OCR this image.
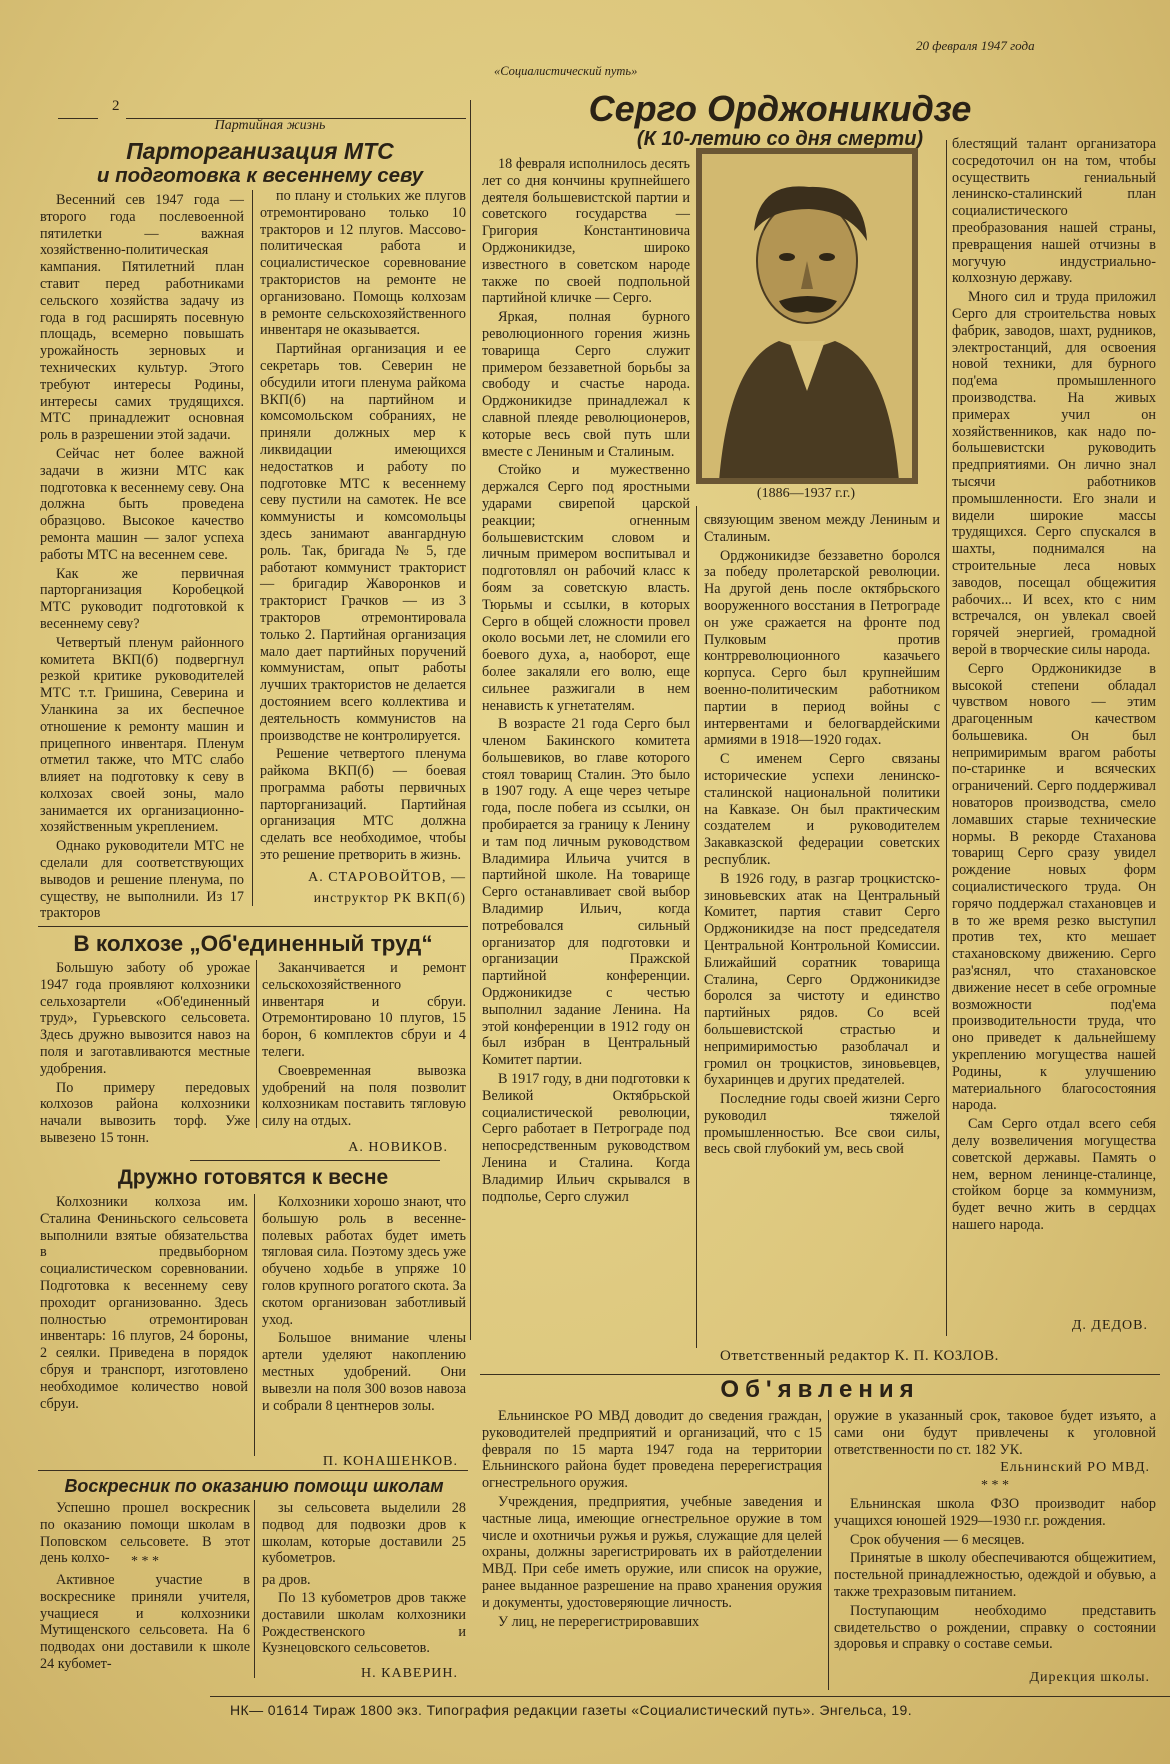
20 февраля 1947 года
«Социалистический путь»
2
Партийная жизнь
Парторганизация МТС
и подготовка к весеннему севу

Весенний сев 1947 года — второго года послевоенной пятилетки — важная хозяйственно-политическая кампания. Пятилетний план ставит перед работниками сельского хозяйства задачу из года в год расширять посевную площадь, всемерно повышать урожайность зерновых и технических культур. Этого требуют интересы Родины, интересы самих трудящихся. МТС принадлежит основная роль в разрешении этой задачи.

Сейчас нет более важной задачи в жизни МТС как подготовка к весеннему севу. Она должна быть проведена образцово. Высокое качество ремонта машин — залог успеха работы МТС на весеннем севе.

Как же первичная парторганизация Коробецкой МТС руководит подготовкой к весеннему севу?

Четвертый пленум районного комитета ВКП(б) подвергнул резкой критике руководителей МТС т.т. Гришина, Северина и Уланкина за их беспечное отношение к ремонту машин и прицепного инвентаря. Пленум отметил также, что МТС слабо влияет на подготовку к севу в колхозах своей зоны, мало занимается их организационно-хозяйственным укреплением.

Однако руководители МТС не сделали для соответствующих выводов и решение пленума, по существу, не выполнили. Из 17 тракторов

по плану и стольких же плугов отремонтировано только 10 тракторов и 12 плугов. Массово-политическая работа и социалистическое соревнование трактористов на ремонте не организовано. Помощь колхозам в ремонте сельскохозяйственного инвентаря не оказывается.

Партийная организация и ее секретарь тов. Северин не обсудили итоги пленума райкома ВКП(б) на партийном и комсомольском собраниях, не приняли должных мер к ликвидации имеющихся недостатков и работу по подготовке МТС к весеннему севу пустили на самотек. Не все коммунисты и комсомольцы здесь занимают авангардную роль. Так, бригада № 5, где работают коммунист тракторист — бригадир Жаворонков и тракторист Грачков — из 3 тракторов отремонтировала только 2. Партийная организация мало дает партийных поручений коммунистам, опыт работы лучших трактористов не делается достоянием всего коллектива и деятельность коммунистов на производстве не контролируется.

Решение четвертого пленума райкома ВКП(б) — боевая программа работы первичных парторганизаций. Партийная организация МТС должна сделать все необходимое, чтобы это решение претворить в жизнь.

А. СТАРОВОЙТОВ, —
инструктор РК ВКП(б)
В колхозе „Об'единенный труд“

Большую заботу об урожае 1947 года проявляют колхозники сельхозартели «Об'единенный труд», Гурьевского сельсовета. Здесь дружно вывозится навоз на поля и заготавливаются местные удобрения.

По примеру передовых колхозов района колхозники начали вывозить торф. Уже вывезено 15 тонн.

Заканчивается и ремонт сельскохозяйственного инвентаря и сбруи. Отремонтировано 10 плугов, 15 борон, 6 комплектов сбруи и 4 телеги.

Своевременная вывозка удобрений на поля позволит колхозникам поставить тягловую силу на отдых.

А. НОВИКОВ.
Дружно готовятся к весне

Колхозники колхоза им. Сталина Фениньского сельсовета выполнили взятые обязательства в предвыборном социалистическом соревновании. Подготовка к весеннему севу проходит организованно. Здесь полностью отремонтирован инвентарь: 16 плугов, 24 бороны, 2 сеялки. Приведена в порядок сбруя и транспорт, изготовлено необходимое количество новой сбруи.

Колхозники хорошо знают, что большую роль в весенне-полевых работах будет иметь тягловая сила. Поэтому здесь уже обучено ходьбе в упряже 10 голов крупного рогатого скота. За скотом организован заботливый уход.

Большое внимание члены артели уделяют накоплению местных удобрений. Они вывезли на поля 300 возов навоза и собрали 8 центнеров золы.

П. КОНАШЕНКОВ.
Воскресник по оказанию помощи школам

Успешно прошел воскресник по оказанию помощи школам в Поповском сельсовете. В этот день колхо-	* * *

Активное участие в воскреснике приняли учителя, учащиеся и колхозники Мутищенского сельсовета. На 6 подводах они доставили к школе 24 кубомет-

зы сельсовета выделили 28 подвод для подвозки дров к школам, которые доставили 25 кубометров.

ра дров.

По 13 кубометров дров также доставили школам колхозники Рождественского и Кузнецовского сельсоветов.

Н. КАВЕРИН.
Серго Орджоникидзе
(К 10-летию со дня смерти)
(1886—1937 г.г.)

18 февраля исполнилось десять лет со дня кончины крупнейшего деятеля большевистской партии и советского государства — Григория Константиновича Орджоникидзе, широко известного в советском народе также по своей подпольной партийной кличке — Серго.

Яркая, полная бурного революционного горения жизнь товарища Серго служит примером беззаветной борьбы за свободу и счастье народа. Орджоникидзе принадлежал к славной плеяде революционеров, которые весь свой путь шли вместе с Лениным и Сталиным.

Стойко и мужественно держался Серго под яростными ударами свирепой царской реакции; огненным большевистским словом и личным примером воспитывал и подготовлял он рабочий класс к боям за советскую власть. Тюрьмы и ссылки, в которых Серго в общей сложности провел около восьми лет, не сломили его боевого духа, а, наоборот, еще более закаляли его волю, еще сильнее разжигали в нем ненависть к угнетателям.

В возрасте 21 года Серго был членом Бакинского комитета большевиков, во главе которого стоял товарищ Сталин. Это было в 1907 году. А еще через четыре года, после побега из ссылки, он пробирается за границу к Ленину и там под личным руководством Владимира Ильича учится в партийной школе. На товарище Серго останавливает свой выбор Владимир Ильич, когда потребовался сильный организатор для подготовки и организации Пражской партийной конференции. Орджоникидзе с честью выполнил задание Ленина. На этой конференции в 1912 году он был избран в Центральный Комитет партии.

В 1917 году, в дни подготовки к Великой Октябрьской социалистической революции, Серго работает в Петрограде под непосредственным руководством Ленина и Сталина. Когда Владимир Ильич скрывался в подполье, Серго служил

связующим звеном между Лениным и Сталиным.

Орджоникидзе беззаветно боролся за победу пролетарской революции. На другой день после октябрьского вооруженного восстания в Петрограде он уже сражается на фронте под Пулковым против контрреволюционного казачьего корпуса. Серго был крупнейшим военно-политическим работником партии в период войны с интервентами и белогвардейскими армиями в 1918—1920 годах.

С именем Серго связаны исторические успехи ленинско-сталинской национальной политики на Кавказе. Он был практическим создателем и руководителем Закавказской федерации советских республик.

В 1926 году, в разгар троцкистско-зиновьевских атак на Центральный Комитет, партия ставит Серго Орджоникидзе на пост председателя Центральной Контрольной Комиссии. Ближайший соратник товарища Сталина, Серго Орджоникидзе боролся за чистоту и единство партийных рядов. Со всей большевистской страстью и непримиримостью разоблачал и громил он троцкистов, зиновьевцев, бухаринцев и других предателей.

Последние годы своей жизни Серго руководил тяжелой промышленностью. Все свои силы, весь свой глубокий ум, весь свой

блестящий талант организатора сосредоточил он на том, чтобы осуществить гениальный ленинско-сталинский план социалистического преобразования нашей страны, превращения нашей отчизны в могучую индустриально-колхозную державу.

Много сил и труда приложил Серго для строительства новых фабрик, заводов, шахт, рудников, электростанций, для освоения новой техники, для бурного под'ема промышленного производства. На живых примерах учил он хозяйственников, как надо по-большевистски руководить предприятиями. Он лично знал тысячи работников промышленности. Его знали и видели широкие массы трудящихся. Серго спускался в шахты, поднимался на строительные леса новых заводов, посещал общежития рабочих... И всех, кто с ним встречался, он увлекал своей горячей энергией, громадной верой в творческие силы народа.

Серго Орджоникидзе в высокой степени обладал чувством нового — этим драгоценным качеством большевика. Он был непримиримым врагом работы по-старинке и всяческих ограничений. Серго поддерживал новаторов производства, смело ломавших старые технические нормы. В рекорде Стаханова товарищ Серго сразу увидел рождение новых форм социалистического труда. Он горячо поддержал стахановцев и в то же время резко выступил против тех, кто мешает стахановскому движению. Серго раз'яснял, что стахановское движение несет в себе огромные возможности под'ема производительности труда, что оно приведет к дальнейшему укреплению могущества нашей Родины, к улучшению материального благосостояния народа.

Сам Серго отдал всего себя делу возвеличения могущества советской державы. Память о нем, верном ленинце-сталинце, стойком борце за коммунизм, будет вечно жить в сердцах нашего народа.

Д. ДЕДОВ.
Ответственный редактор К. П. КОЗЛОВ.
Об'явления

Ельнинское РО МВД доводит до сведения граждан, руководителей предприятий и организаций, что с 15 февраля по 15 марта 1947 года на территории Ельнинского района будет проведена перерегистрация огнестрельного оружия.

Учреждения, предприятия, учебные заведения и частные лица, имеющие огнестрельное оружие в том числе и охотничьи ружья и ружья, служащие для целей охраны, должны зарегистрировать их в райотделении МВД. При себе иметь оружие, или список на оружие, ранее выданное разрешение на право хранения оружия и документы, удостоверяющие личность.

У лиц, не перерегистрировавших

оружие в указанный срок, таковое будет изъято, а сами они будут привлечены к уголовной ответственности по ст. 182 УК.

Ельнинский РО МВД.
* * *

Ельнинская школа ФЗО производит набор учащихся юношей 1929—1930 г.г. рождения.

Срок обучения — 6 месяцев.

Принятые в школу обеспечиваются общежитием, постельной принадлежностью, одеждой и обувью, а также трехразовым питанием.

Поступающим необходимо представить свидетельство о рождении, справку о состоянии здоровья и справку о составе семьи.

Дирекция школы.
НК— 01614 Тираж 1800 экз. Типография редакции газеты «Социалистический путь». Энгельса, 19.
